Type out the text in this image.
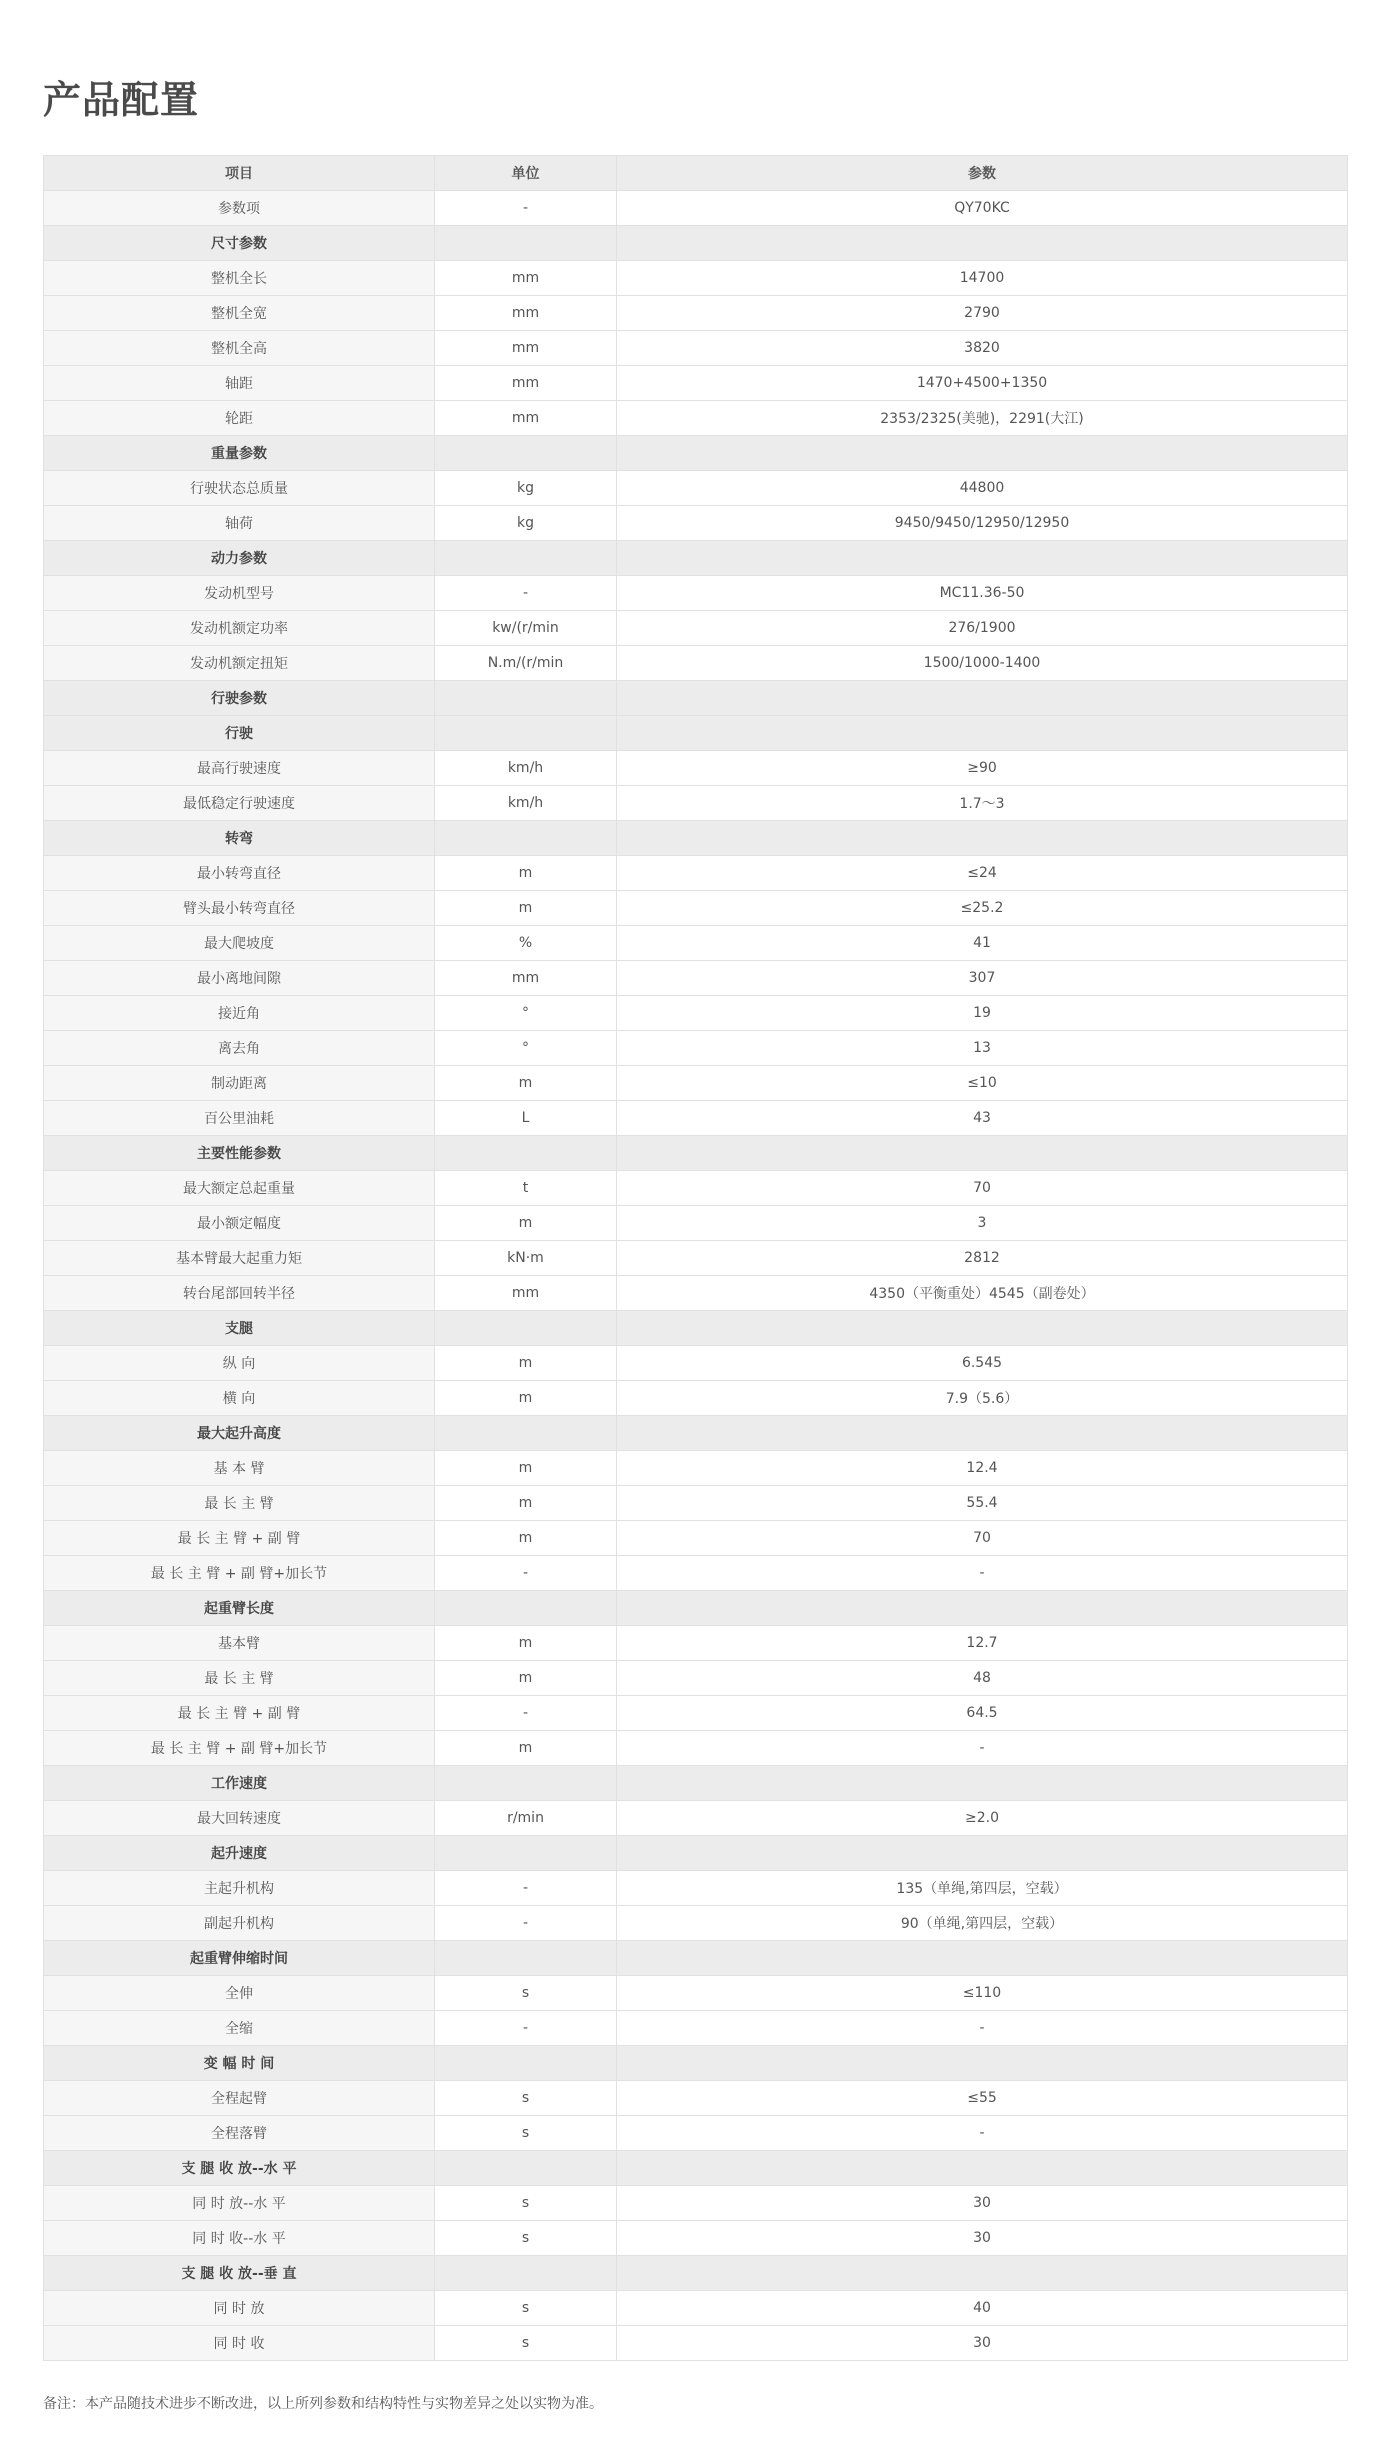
产品配置
项目	单位	参数
参数项	-	QY70KC
尺寸参数		
整机全长	mm	14700
整机全宽	mm	2790
整机全高	mm	3820
轴距	mm	1470+4500+1350
轮距	mm	2353/2325(美驰)，2291(大江)
重量参数		
行驶状态总质量	kg	44800
轴荷	kg	9450/9450/12950/12950
动力参数		
发动机型号	-	MC11.36-50
发动机额定功率	kw/(r/min	276/1900
发动机额定扭矩	N.m/(r/min	1500/1000-1400
行驶参数		
行驶		
最高行驶速度	km/h	≥90
最低稳定行驶速度	km/h	1.7～3
转弯		
最小转弯直径	m	≤24
臂头最小转弯直径	m	≤25.2
最大爬坡度	%	41
最小离地间隙	mm	307
接近角	°	19
离去角	°	13
制动距离	m	≤10
百公里油耗	L	43
主要性能参数		
最大额定总起重量	t	70
最小额定幅度	m	3
基本臂最大起重力矩	kN·m	2812
转台尾部回转半径	mm	4350（平衡重处）4545（副卷处）
支腿		
纵 向	m	6.545
横 向	m	7.9（5.6）
最大起升高度		
基 本 臂	m	12.4
最 长 主 臂	m	55.4
最 长 主 臂 + 副 臂	m	70
最 长 主 臂 + 副 臂+加长节	-	-
起重臂长度		
基本臂	m	12.7
最 长 主 臂	m	48
最 长 主 臂 + 副 臂	-	64.5
最 长 主 臂 + 副 臂+加长节	m	-
工作速度		
最大回转速度	r/min	≥2.0
起升速度		
主起升机构	-	135（单绳,第四层，空载）
副起升机构	-	90（单绳,第四层，空载）
起重臂伸缩时间		
全伸	s	≤110
全缩	-	-
变 幅 时 间		
全程起臂	s	≤55
全程落臂	s	-
支 腿 收 放--水 平		
同 时 放--水 平	s	30
同 时 收--水 平	s	30
支 腿 收 放--垂 直		
同 时 放	s	40
同 时 收	s	30

备注：本产品随技术进步不断改进，以上所列参数和结构特性与实物差异之处以实物为准。
